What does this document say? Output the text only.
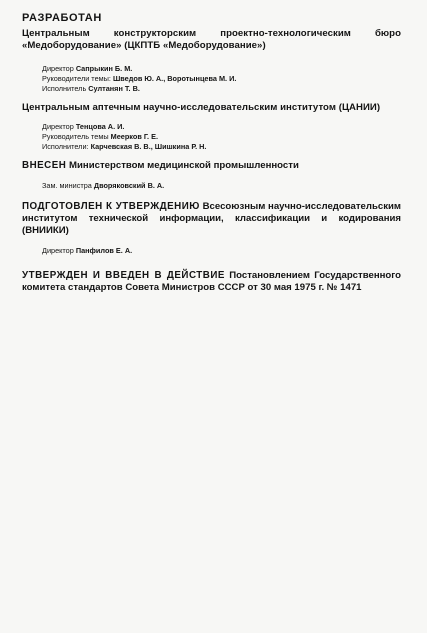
РАЗРАБОТАН
Центральным конструкторским проектно-технологическим бюро «Медоборудование» (ЦКПТБ «Медоборудование»)
Директор Сапрыкин Б. М.
Руководители темы: Шведов Ю. А., Воротынцева М. И.
Исполнитель Султанян Т. В.
Центральным аптечным научно-исследовательским институтом (ЦАНИИ)
Директор Тенцова А. И.
Руководитель темы Меерков Г. Е.
Исполнители: Карчевская В. В., Шишкина Р. Н.
ВНЕСЕН Министерством медицинской промышленности
Зам. министра Дворяковский В. А.
ПОДГОТОВЛЕН К УТВЕРЖДЕНИЮ Всесоюзным научно-исследовательским институтом технической информации, классификации и кодирования (ВНИИКИ)
Директор Панфилов Е. А.
УТВЕРЖДЕН И ВВЕДЕН В ДЕЙСТВИЕ Постановлением Государственного комитета стандартов Совета Министров СССР от 30 мая 1975 г. № 1471
